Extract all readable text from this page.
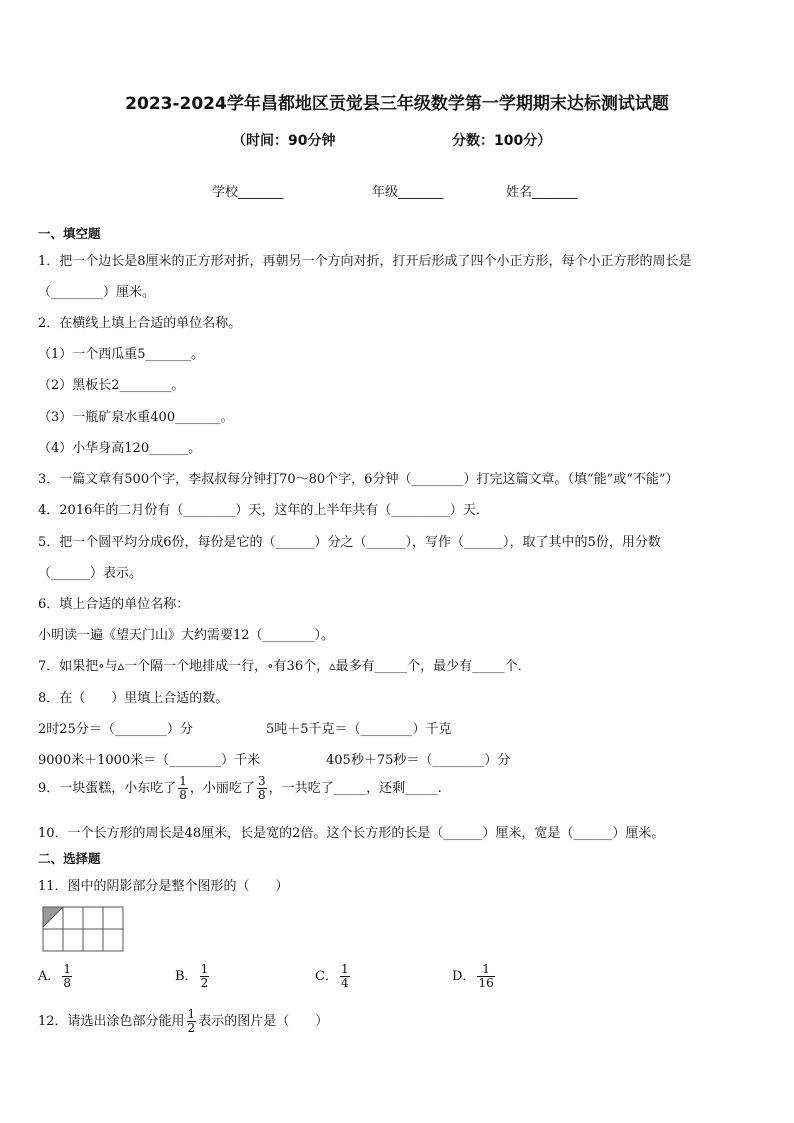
2023-2024学年昌都地区贡觉县三年级数学第一学期期末达标测试试题
（时间：90分钟	分数：100分）
学校_______	年级_______	姓名_______
一、填空题
1．把一个边长是8厘米的正方形对折，再朝另一个方向对折，打开后形成了四个小正方形，每个小正方形的周长是
（________）厘米。
2．在横线上填上合适的单位名称。
（1）一个西瓜重5_______。
（2）黑板长2________。
（3）一瓶矿泉水重400_______。
（4）小华身高120______。
3．一篇文章有500个字，李叔叔每分钟打70～80个字，6分钟（________）打完这篇文章。（填“能”或“不能”）
4．2016年的二月份有（________）天，这年的上半年共有（_________）天．
5．把一个圆平均分成6份，每份是它的（______）分之（______），写作（______），取了其中的5份，用分数
（______）表示。
6．填上合适的单位名称：
小明读一遍《望天门山》大约需要12（________）。
7．如果把∘与▵一个隔一个地排成一行，∘有36个，▵最多有_____个，最少有_____个．
8．在（　　）里填上合适的数。
2时25分＝（________）分	5吨＋5千克＝（________）千克
9000米＋1000米＝（________）千米	405秒＋75秒＝（________）分
9．一块蛋糕，小东吃了 $\frac{1}{8}$ ，小丽吃了 $\frac{3}{8}$ ，一共吃了_____，还剩_____.
10．一个长方形的周长是48厘米，长是宽的2倍。这个长方形的长是（______）厘米，宽是（______）厘米。
二、选择题
11．图中的阴影部分是整个图形的（　　）
A． $\frac{1}{8}$	B． $\frac{1}{2}$	C． $\frac{1}{4}$	D． $\frac{1}{16}$
12．请选出涂色部分能用 $\frac{1}{2}$ 表示的图片是（　　）
